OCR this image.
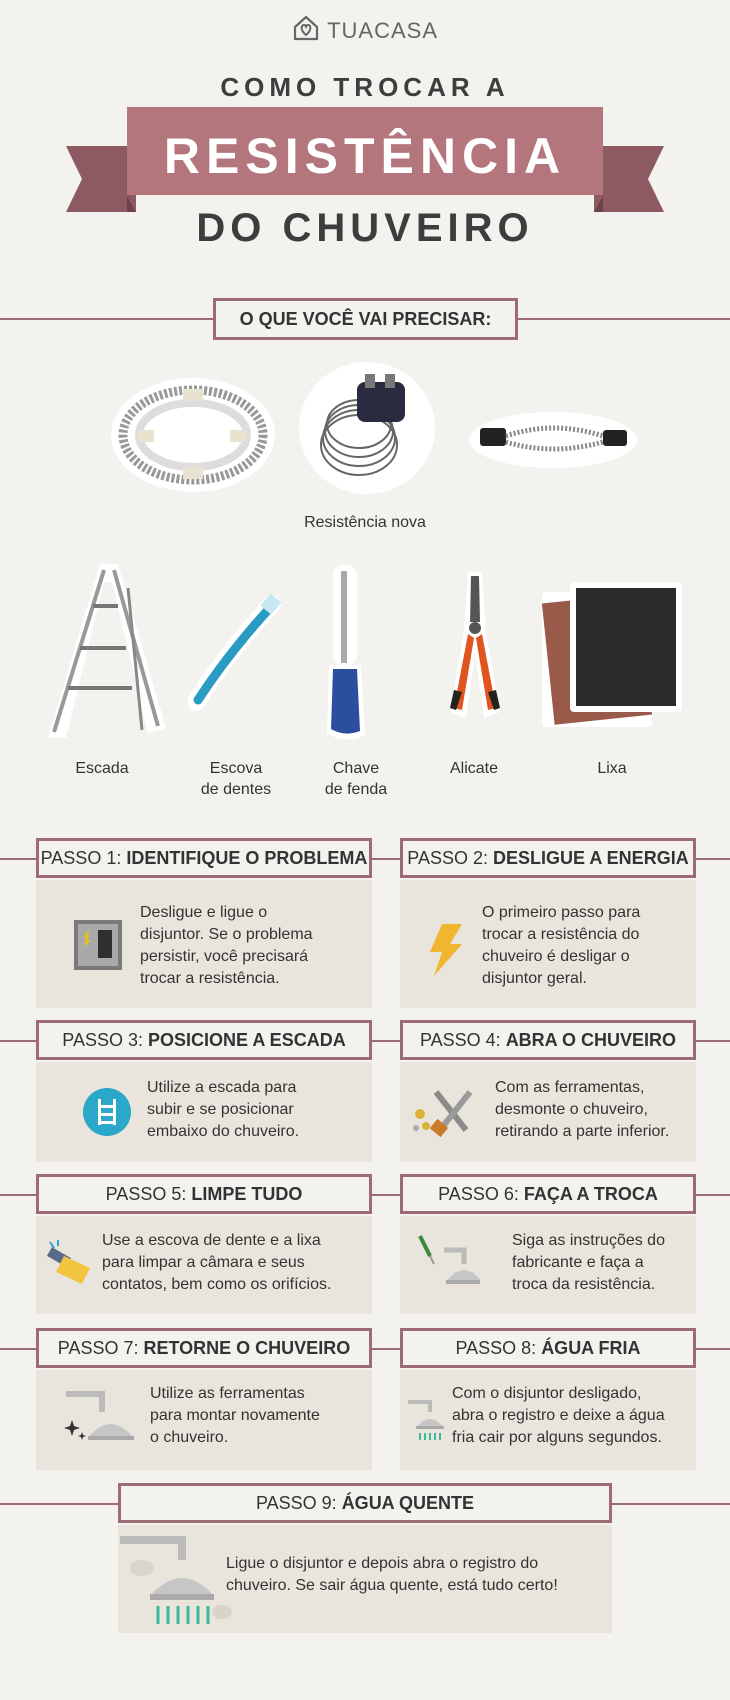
TUACASA
COMO TROCAR A
RESISTÊNCIA
DO CHUVEIRO
O QUE VOCÊ VAI PRECISAR:
Resistência nova
Escada	Escova
de dentes
Chave
de fenda
Alicate	Lixa
PASSO 1: IDENTIFIQUE O PROBLEMA
Desligue e ligue o
disjuntor. Se o problema
persistir, você precisará
trocar a resistência.
PASSO 2: DESLIGUE A ENERGIA
O primeiro passo para
trocar a resistência do
chuveiro é desligar o
disjuntor geral.
PASSO 3: POSICIONE A ESCADA
Utilize a escada para
subir e se posicionar
embaixo do chuveiro.
PASSO 4: ABRA O CHUVEIRO
Com as ferramentas,
desmonte o chuveiro,
retirando a parte inferior.
PASSO 5: LIMPE TUDO
Use a escova de dente e a lixa
para limpar a câmara e seus
contatos, bem como os orifícios.
PASSO 6: FAÇA A TROCA
Siga as instruções do
fabricante e faça a
troca da resistência.
PASSO 7: RETORNE O CHUVEIRO
Utilize as ferramentas
para montar novamente
o chuveiro.
PASSO 8: ÁGUA FRIA
Com o disjuntor desligado,
abra o registro e deixe a água
fria cair por alguns segundos.
PASSO 9: ÁGUA QUENTE
Ligue o disjuntor e depois abra o registro do
chuveiro. Se sair água quente, está tudo certo!
